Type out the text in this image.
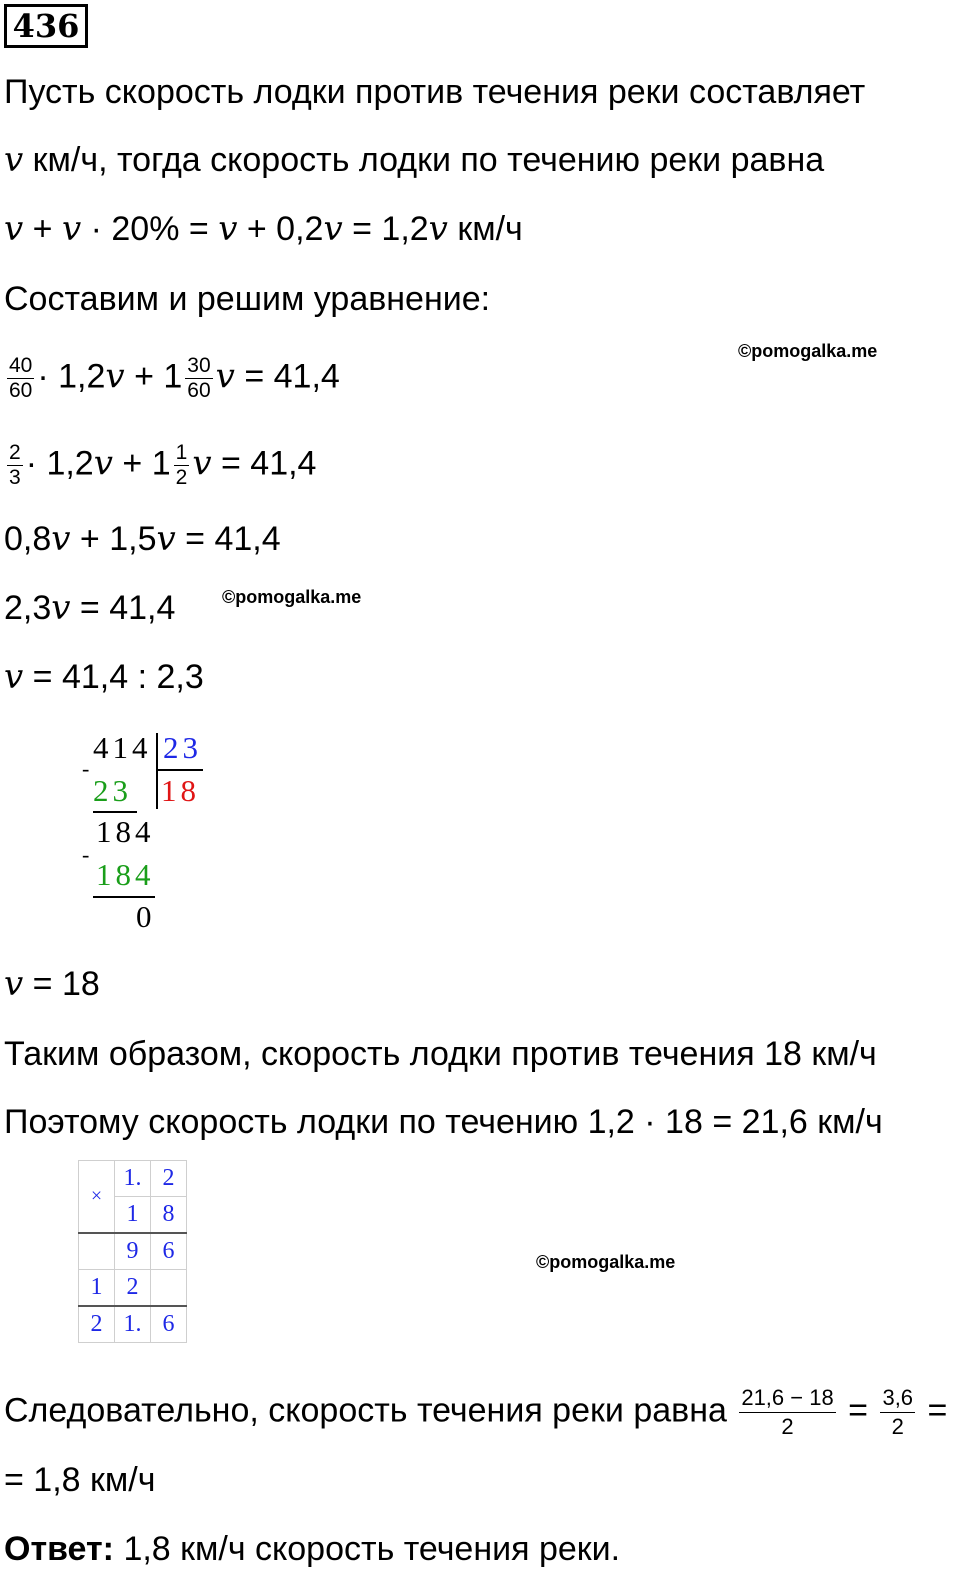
436
Пусть скорость лодки против течения реки составляет
v км/ч, тогда скорость лодки по течению реки равна
v + v · 20% = v + 0,2v = 1,2v км/ч
Составим и решим уравнение:
$\frac{40}{60} \cdot 1,2v + 1 \frac{30}{60}$ v = 41,4
©pomogalka.me
$\frac{2}{3} \cdot 1,2v + 1 \frac{1}{2}$ v = 41,4
0,8v + 1,5v = 41,4
2,3v = 41,4	©pomogalka.me
v = 41,4 : 2,3
414 23
-
23 18
184
-
184
0
v = 18
Таким образом, скорость лодки против течения 18 км/ч
Поэтому скорость лодки по течению 1,2 · 18 = 21,6 км/ч
×	1.	2
	1	8
	9	6
1	2	
2	1.	6
©pomogalka.me
Следовательно, скорость течения реки равна $\frac{21,6 - 18}{2} = \frac{3,6}{2}$ =
= 1,8 км/ч
Ответ: 1,8 км/ч скорость течения реки.
